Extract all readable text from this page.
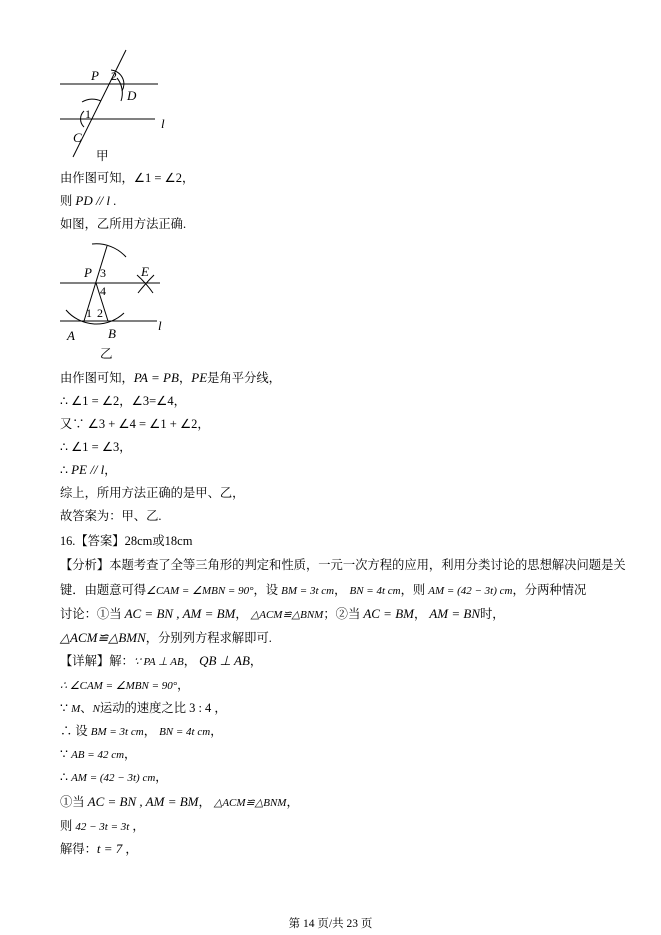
P 2
D
1
C
l
甲
由作图可知，∠1 = ∠2，
则 PD // l .
如图，乙所用方法正确.
P 3
4
E
A
1 2
B
l
乙
由作图可知，PA = PB，PE是角平分线，
∴ ∠1 = ∠2，∠3=∠4，
又∵ ∠3 + ∠4 = ∠1 + ∠2，
∴ ∠1 = ∠3，
∴ PE // l，
综上，所用方法正确的是甲、乙，
故答案为：甲、乙.
16.【答案】28cm或18cm
【分析】本题考查了全等三角形的判定和性质，一元一次方程的应用，利用分类讨论的思想解决问题是关
键．由题意可得∠CAM = ∠MBN = 90°，设 BM = 3t cm， BN = 4t cm，则 AM = (42 − 3t) cm，分两种情况
讨论：①当 AC = BN , AM = BM， △ACM≌△BNM；②当 AC = BM， AM = BN时，
△ACM≌△BMN，分别列方程求解即可.
【详解】解：∵ PA ⊥ AB， QB ⊥ AB，
∴ ∠CAM = ∠MBN = 90°，
∵ M、N运动的速度之比 3 : 4 ，
∴ 设 BM = 3t cm， BN = 4t cm，
∵ AB = 42 cm，
∴ AM = (42 − 3t) cm，
①当 AC = BN , AM = BM， △ACM≌△BNM，
则 42 − 3t = 3t ，
解得：t = 7 ，
第 14 页/共 23 页
